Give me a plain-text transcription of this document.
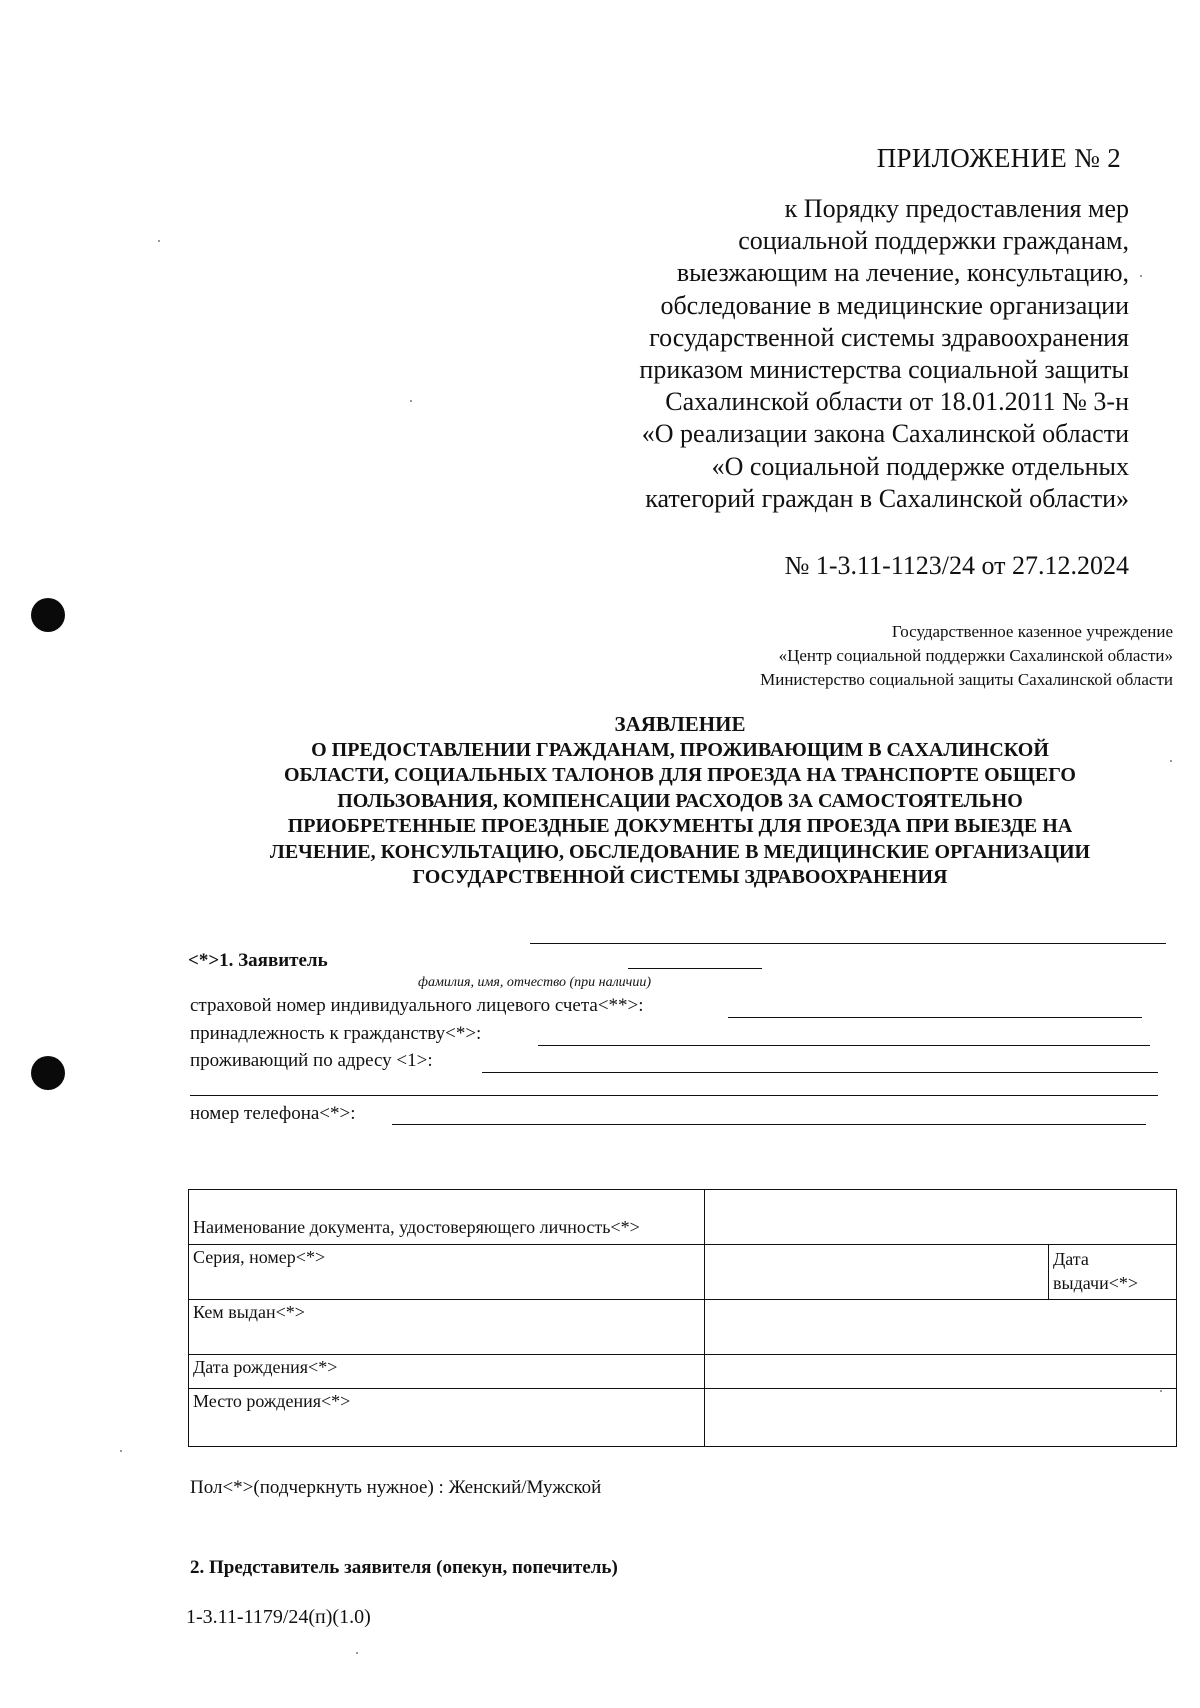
ПРИЛОЖЕНИЕ № 2
к Порядку предоставления мер
социальной поддержки гражданам,
выезжающим на лечение, консультацию,
обследование в медицинские организации
государственной системы здравоохранения
приказом министерства социальной защиты
Сахалинской области от 18.01.2011 № 3-н
«О реализации закона Сахалинской области
«О социальной поддержке отдельных
категорий граждан в Сахалинской области»
№ 1-3.11-1123/24 от 27.12.2024
Государственное казенное учреждение
«Центр социальной поддержки Сахалинской области»
Министерство социальной защиты Сахалинской области
ЗАЯВЛЕНИЕ
О ПРЕДОСТАВЛЕНИИ ГРАЖДАНАМ, ПРОЖИВАЮЩИМ В САХАЛИНСКОЙ
ОБЛАСТИ, СОЦИАЛЬНЫХ ТАЛОНОВ ДЛЯ ПРОЕЗДА НА ТРАНСПОРТЕ ОБЩЕГО
ПОЛЬЗОВАНИЯ, КОМПЕНСАЦИИ РАСХОДОВ ЗА САМОСТОЯТЕЛЬНО
ПРИОБРЕТЕННЫЕ ПРОЕЗДНЫЕ ДОКУМЕНТЫ ДЛЯ ПРОЕЗДА ПРИ ВЫЕЗДЕ НА
ЛЕЧЕНИЕ, КОНСУЛЬТАЦИЮ, ОБСЛЕДОВАНИЕ В МЕДИЦИНСКИЕ ОРГАНИЗАЦИИ
ГОСУДАРСТВЕННОЙ СИСТЕМЫ ЗДРАВООХРАНЕНИЯ
<*>1. Заявитель
фамилия, имя, отчество (при наличии)
страховой номер индивидуального лицевого счета<**>:
принадлежность к гражданству<*>:
проживающий по адресу <1>:
номер телефона<*>:
Наименование документа, удостоверяющего личность<*>		
Серия, номер<*>		Дата
выдачи<*>
Кем выдан<*>		
Дата рождения<*>		
Место рождения<*>		
Пол<*>(подчеркнуть нужное) : Женский/Мужской
2. Представитель заявителя (опекун, попечитель)
1-3.11-1179/24(п)(1.0)
